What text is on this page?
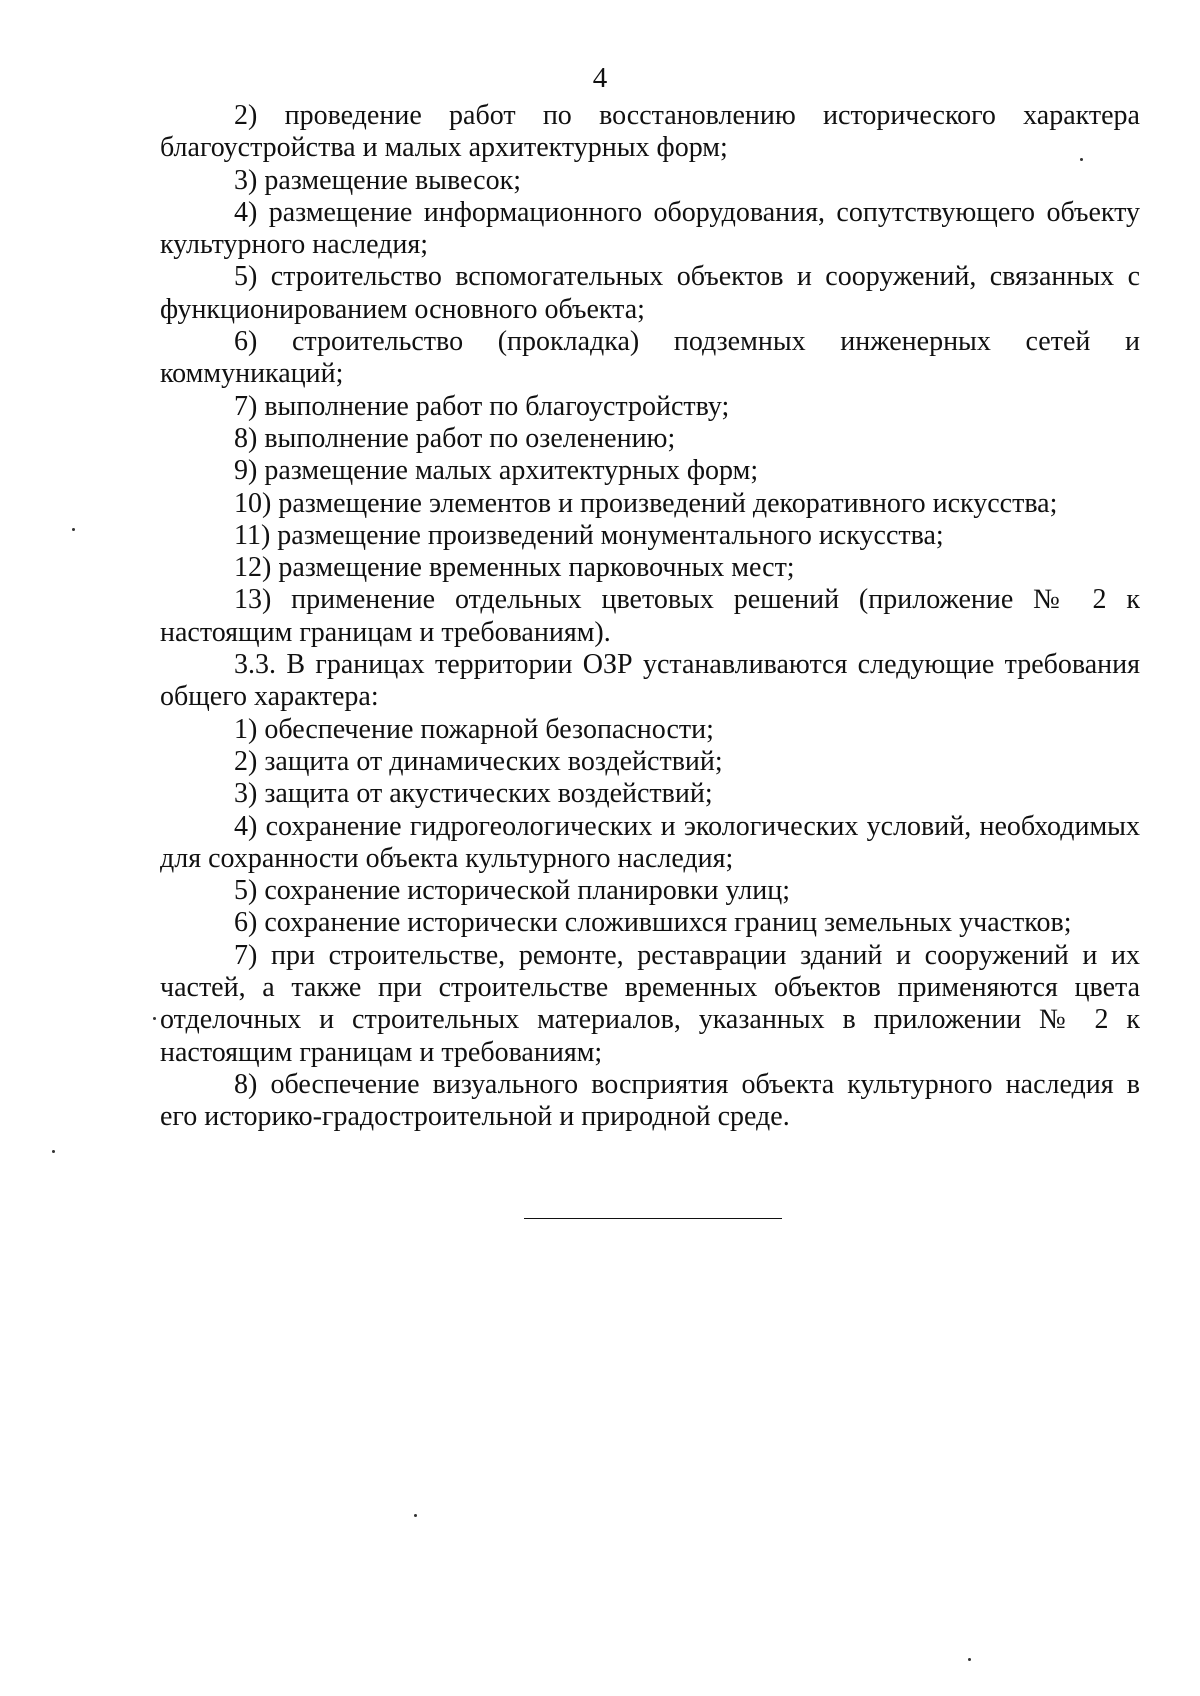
4

2) проведение работ по восстановлению исторического характера благоустройства и малых архитектурных форм;

3) размещение вывесок;

4) размещение информационного оборудования, сопутствующего объекту культурного наследия;

5) строительство вспомогательных объектов и сооружений, связанных с функционированием основного объекта;

6) строительство (прокладка) подземных инженерных сетей и коммуникаций;

7) выполнение работ по благоустройству;

8) выполнение работ по озеленению;

9) размещение малых архитектурных форм;

10) размещение элементов и произведений декоративного искусства;

11) размещение произведений монументального искусства;

12) размещение временных парковочных мест;

13) применение отдельных цветовых решений (приложение № 2 к настоящим границам и требованиям).

3.3. В границах территории ОЗР устанавливаются следующие требования общего характера:

1) обеспечение пожарной безопасности;

2) защита от динамических воздействий;

3) защита от акустических воздействий;

4) сохранение гидрогеологических и экологических условий, необходимых для сохранности объекта культурного наследия;

5) сохранение исторической планировки улиц;

6) сохранение исторически сложившихся границ земельных участков;

7) при строительстве, ремонте, реставрации зданий и сооружений и их частей, а также при строительстве временных объектов применяются цвета отделочных и строительных материалов, указанных в приложении № 2 к настоящим границам и требованиям;

8) обеспечение визуального восприятия объекта культурного наследия в его историко-градостроительной и природной среде.
